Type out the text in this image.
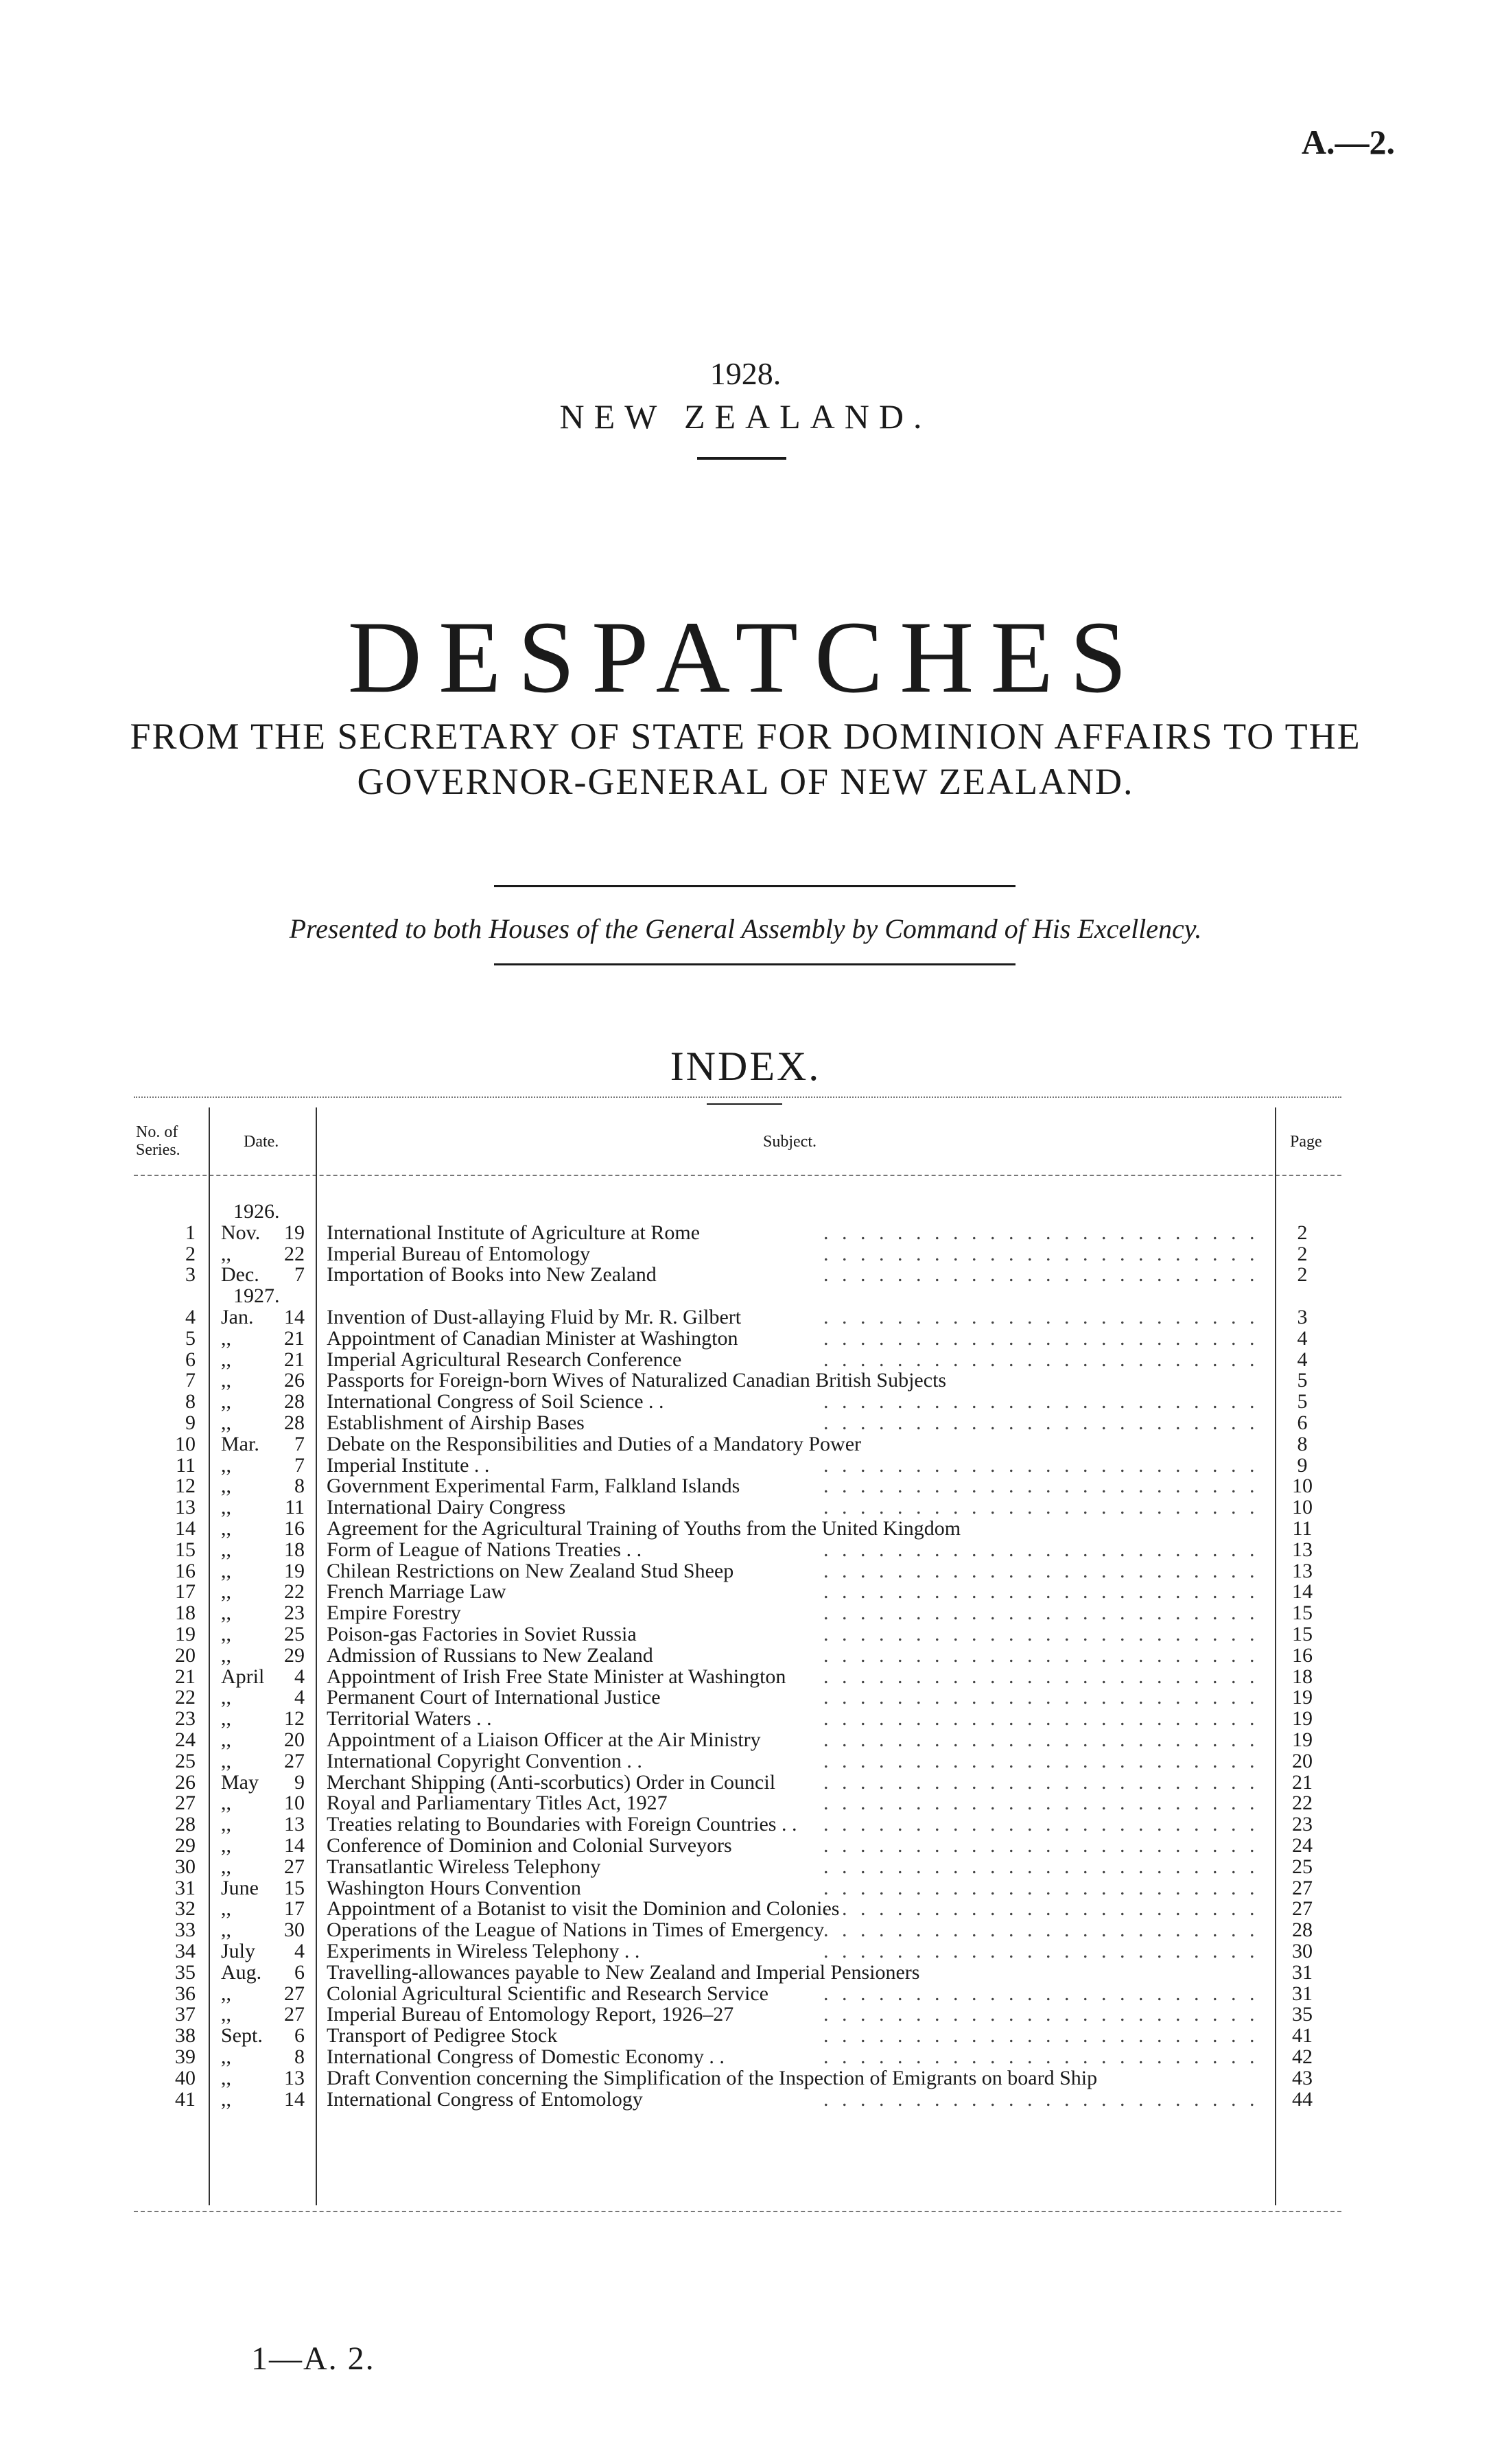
A.—2.
1928.
NEW ZEALAND.
DESPATCHES
FROM THE SECRETARY OF STATE FOR DOMINION AFFAIRS TO THE
GOVERNOR-GENERAL OF NEW ZEALAND.
Presented to both Houses of the General Assembly by Command of His Excellency.
INDEX.
No. of
Series.	Date.	Subject.	Page
1926.
1 Nov.	19 International Institute of Agriculture at Rome	2
. . . . . . . . . . . . . . . . . . . . . . . .
2 ,,	22 Imperial Bureau of Entomology	2
. . . . . . . . . . . . . . . . . . . . . . . .
3 Dec.	7 Importation of Books into New Zealand	2
. . . . . . . . . . . . . . . . . . . . . . . .
1927.
4 Jan.	14 Invention of Dust-allaying Fluid by Mr. R. Gilbert	3
. . . . . . . . . . . . . . . . . . . . . . . .
5 ,,	21 Appointment of Canadian Minister at Washington	4
. . . . . . . . . . . . . . . . . . . . . . . .
6 ,,	21 Imperial Agricultural Research Conference	4
. . . . . . . . . . . . . . . . . . . . . . . .
7 ,,	26 Passports for Foreign-born Wives of Naturalized Canadian British Subjects	5
8 ,,	28 International Congress of Soil Science . .	5
. . . . . . . . . . . . . . . . . . . . . . . .
9 ,,	28 Establishment of Airship Bases	6
. . . . . . . . . . . . . . . . . . . . . . . .
10 Mar.	7 Debate on the Responsibilities and Duties of a Mandatory Power	8
11 ,,	7 Imperial Institute . .	9
. . . . . . . . . . . . . . . . . . . . . . . .
12 ,,	8 Government Experimental Farm, Falkland Islands	10
. . . . . . . . . . . . . . . . . . . . . . . .
13 ,,	11 International Dairy Congress	10
. . . . . . . . . . . . . . . . . . . . . . . .
14 ,,	16 Agreement for the Agricultural Training of Youths from the United Kingdom	11
15 ,,	18 Form of League of Nations Treaties . .	13
. . . . . . . . . . . . . . . . . . . . . . . .
16 ,,	19 Chilean Restrictions on New Zealand Stud Sheep	13
. . . . . . . . . . . . . . . . . . . . . . . .
17 ,,	22 French Marriage Law	14
. . . . . . . . . . . . . . . . . . . . . . . .
18 ,,	23 Empire Forestry	15
. . . . . . . . . . . . . . . . . . . . . . . .
19 ,,	25 Poison-gas Factories in Soviet Russia	15
. . . . . . . . . . . . . . . . . . . . . . . .
20 ,,	29 Admission of Russians to New Zealand	16
. . . . . . . . . . . . . . . . . . . . . . . .
21 April	4 Appointment of Irish Free State Minister at Washington	18
. . . . . . . . . . . . . . . . . . . . . . . .
22 ,,	4 Permanent Court of International Justice	19
. . . . . . . . . . . . . . . . . . . . . . . .
23 ,,	12 Territorial Waters . .	19
. . . . . . . . . . . . . . . . . . . . . . . .
24 ,,	20 Appointment of a Liaison Officer at the Air Ministry	19
. . . . . . . . . . . . . . . . . . . . . . . .
25 ,,	27 International Copyright Convention . .	20
. . . . . . . . . . . . . . . . . . . . . . . .
26 May	9 Merchant Shipping (Anti-scorbutics) Order in Council	21
. . . . . . . . . . . . . . . . . . . . . . . .
27 ,,	10 Royal and Parliamentary Titles Act, 1927	22
. . . . . . . . . . . . . . . . . . . . . . . .
28 ,,	13 Treaties relating to Boundaries with Foreign Countries . .	23
. . . . . . . . . . . . . . . . . . . . . . . .
29 ,,	14 Conference of Dominion and Colonial Surveyors	24
. . . . . . . . . . . . . . . . . . . . . . . .
30 ,,	27 Transatlantic Wireless Telephony	25
. . . . . . . . . . . . . . . . . . . . . . . .
31 June	15 Washington Hours Convention	27
. . . . . . . . . . . . . . . . . . . . . . . .
32 ,,	17 Appointment of a Botanist to visit the Dominion and Colonies	27
. . . . . . . . . . . . . . . . . . . . . . . .
33 ,,	30 Operations of the League of Nations in Times of Emergency	28
. . . . . . . . . . . . . . . . . . . . . . . .
34 July	4 Experiments in Wireless Telephony . .	30
. . . . . . . . . . . . . . . . . . . . . . . .
35 Aug.	6 Travelling-allowances payable to New Zealand and Imperial Pensioners	31
36 ,,	27 Colonial Agricultural Scientific and Research Service	31
. . . . . . . . . . . . . . . . . . . . . . . .
37 ,,	27 Imperial Bureau of Entomology Report, 1926–27	35
. . . . . . . . . . . . . . . . . . . . . . . .
38 Sept.	6 Transport of Pedigree Stock	41
. . . . . . . . . . . . . . . . . . . . . . . .
39 ,,	8 International Congress of Domestic Economy . .	42
. . . . . . . . . . . . . . . . . . . . . . . .
40 ,,	13 Draft Convention concerning the Simplification of the Inspection of Emigrants on board Ship	43
41 ,,	14 International Congress of Entomology	44
. . . . . . . . . . . . . . . . . . . . . . . .
1—A. 2.
